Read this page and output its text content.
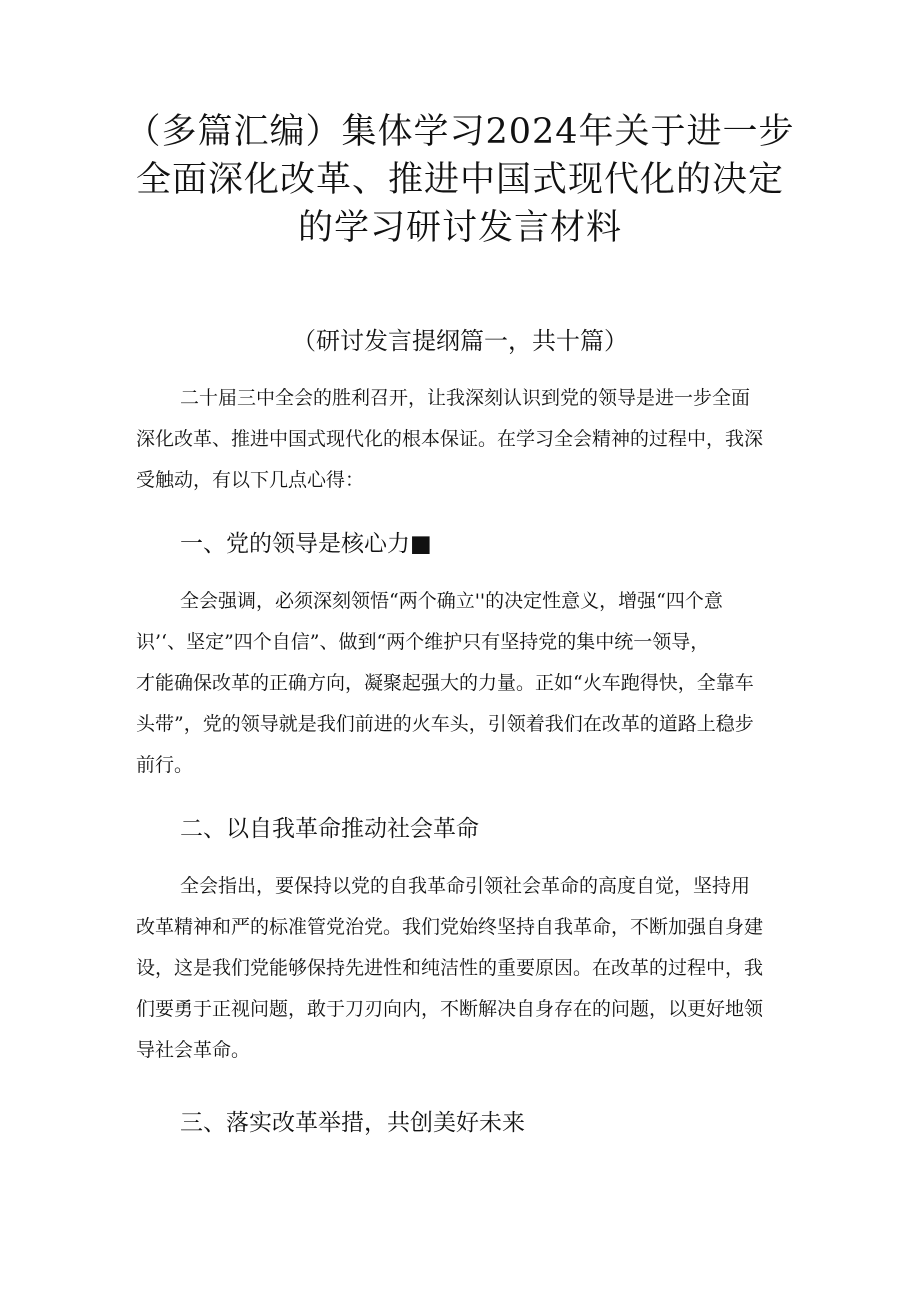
（多篇汇编）集体学习2024年关于进一步
全面深化改革、推进中国式现代化的决定
的学习研讨发言材料
（研讨发言提纲篇一，共十篇）
二十届三中全会的胜利召开，让我深刻认识到党的领导是进一步全面
深化改革、推进中国式现代化的根本保证。在学习全会精神的过程中，我深
受触动，有以下几点心得：
一、党的领导是核心力■
全会强调，必须深刻领悟“两个确立''的决定性意义，增强“四个意
识’‘、坚定”四个自信”、做到“两个维护只有坚持党的集中统一领导，
才能确保改革的正确方向，凝聚起强大的力量。正如“火车跑得快，全靠车
头带”，党的领导就是我们前进的火车头，引领着我们在改革的道路上稳步
前行。
二、以自我革命推动社会革命
全会指出，要保持以党的自我革命引领社会革命的高度自觉，坚持用
改革精神和严的标准管党治党。我们党始终坚持自我革命，不断加强自身建
设，这是我们党能够保持先进性和纯洁性的重要原因。在改革的过程中，我
们要勇于正视问题，敢于刀刃向内，不断解决自身存在的问题，以更好地领
导社会革命。
三、落实改革举措，共创美好未来
